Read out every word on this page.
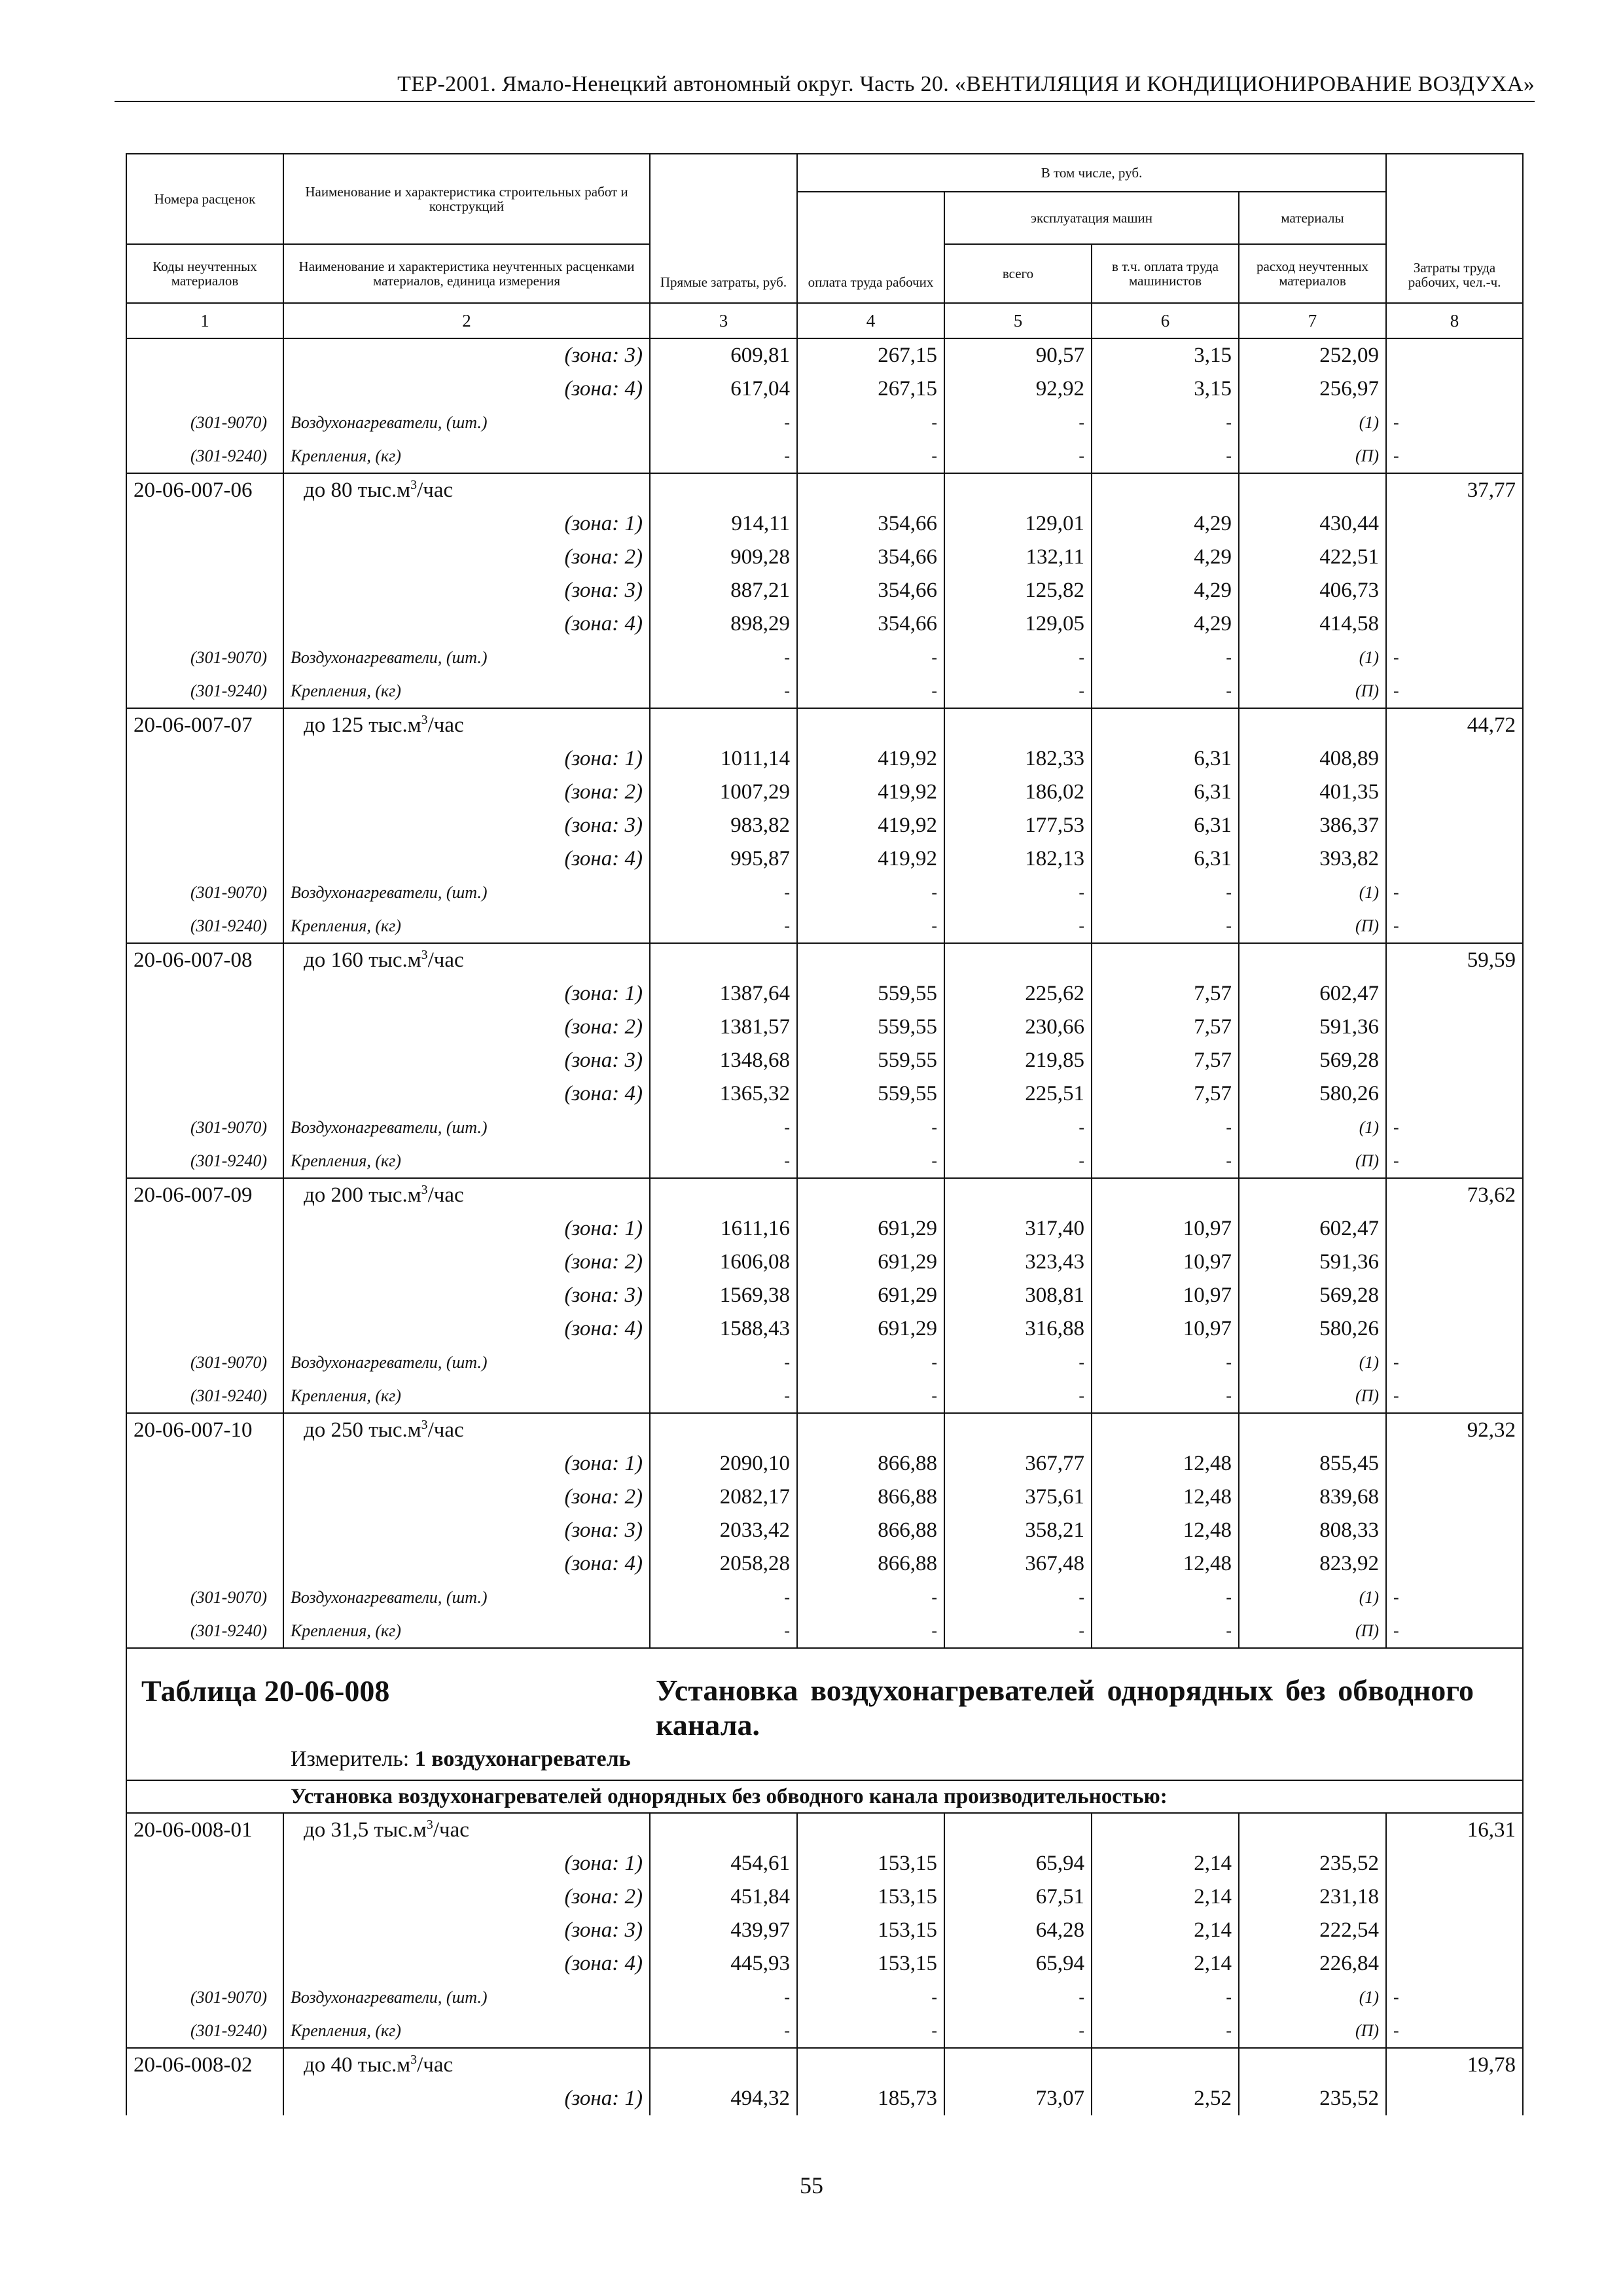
ТЕР-2001. Ямало-Ненецкий автономный округ. Часть 20. «ВЕНТИЛЯЦИЯ И КОНДИЦИОНИРОВАНИЕ ВОЗДУХА»
Номера расценок	Наименование и характеристика строительных работ и конструкций	Прямые затраты, руб.	В том числе, руб.				Затраты труда рабочих, чел.-ч.
			оплата труда рабочих	эксплуатация машин		материалы	
Коды неучтенных материалов	Наименование и характеристика неучтенных расценками материалов, единица измерения			всего	в т.ч. оплата труда машинистов	расход неучтенных материалов	
1	2	3	4	5	6	7	8
	(зона: 3)	609,81	267,15	90,57	3,15	252,09	
	(зона: 4)	617,04	267,15	92,92	3,15	256,97	
(301-9070)	Воздухонагреватели, (шт.)	-	-	-	-	(1)	-
(301-9240)	Крепления, (кг)	-	-	-	-	(П)	-
20-06-007-06	до 80 $тыс.м^3$/час						37,77
	(зона: 1)	914,11	354,66	129,01	4,29	430,44	
	(зона: 2)	909,28	354,66	132,11	4,29	422,51	
	(зона: 3)	887,21	354,66	125,82	4,29	406,73	
	(зона: 4)	898,29	354,66	129,05	4,29	414,58	
(301-9070)	Воздухонагреватели, (шт.)	-	-	-	-	(1)	-
(301-9240)	Крепления, (кг)	-	-	-	-	(П)	-
20-06-007-07	до 125 $тыс.м^3$/час						44,72
	(зона: 1)	1011,14	419,92	182,33	6,31	408,89	
	(зона: 2)	1007,29	419,92	186,02	6,31	401,35	
	(зона: 3)	983,82	419,92	177,53	6,31	386,37	
	(зона: 4)	995,87	419,92	182,13	6,31	393,82	
(301-9070)	Воздухонагреватели, (шт.)	-	-	-	-	(1)	-
(301-9240)	Крепления, (кг)	-	-	-	-	(П)	-
20-06-007-08	до 160 $тыс.м^3$/час						59,59
	(зона: 1)	1387,64	559,55	225,62	7,57	602,47	
	(зона: 2)	1381,57	559,55	230,66	7,57	591,36	
	(зона: 3)	1348,68	559,55	219,85	7,57	569,28	
	(зона: 4)	1365,32	559,55	225,51	7,57	580,26	
(301-9070)	Воздухонагреватели, (шт.)	-	-	-	-	(1)	-
(301-9240)	Крепления, (кг)	-	-	-	-	(П)	-
20-06-007-09	до 200 $тыс.м^3$/час						73,62
	(зона: 1)	1611,16	691,29	317,40	10,97	602,47	
	(зона: 2)	1606,08	691,29	323,43	10,97	591,36	
	(зона: 3)	1569,38	691,29	308,81	10,97	569,28	
	(зона: 4)	1588,43	691,29	316,88	10,97	580,26	
(301-9070)	Воздухонагреватели, (шт.)	-	-	-	-	(1)	-
(301-9240)	Крепления, (кг)	-	-	-	-	(П)	-
20-06-007-10	до 250 $тыс.м^3$/час						92,32
	(зона: 1)	2090,10	866,88	367,77	12,48	855,45	
	(зона: 2)	2082,17	866,88	375,61	12,48	839,68	
	(зона: 3)	2033,42	866,88	358,21	12,48	808,33	
	(зона: 4)	2058,28	866,88	367,48	12,48	823,92	
(301-9070)	Воздухонагреватели, (шт.)	-	-	-	-	(1)	-
(301-9240)	Крепления, (кг)	-	-	-	-	(П)	-

Таблица 20-06-008 Установка воздухонагревателей однорядных без обводного канала.
Измеритель: 1 воздухонагреватель							

Установка воздухонагревателей однорядных без обводного канала производительностью:							
20-06-008-01	до 31,5 $тыс.м^3$/час						16,31
	(зона: 1)	454,61	153,15	65,94	2,14	235,52	
	(зона: 2)	451,84	153,15	67,51	2,14	231,18	
	(зона: 3)	439,97	153,15	64,28	2,14	222,54	
	(зона: 4)	445,93	153,15	65,94	2,14	226,84	
(301-9070)	Воздухонагреватели, (шт.)	-	-	-	-	(1)	-
(301-9240)	Крепления, (кг)	-	-	-	-	(П)	-
20-06-008-02	до 40 $тыс.м^3$/час						19,78
	(зона: 1)	494,32	185,73	73,07	2,52	235,52	
55
